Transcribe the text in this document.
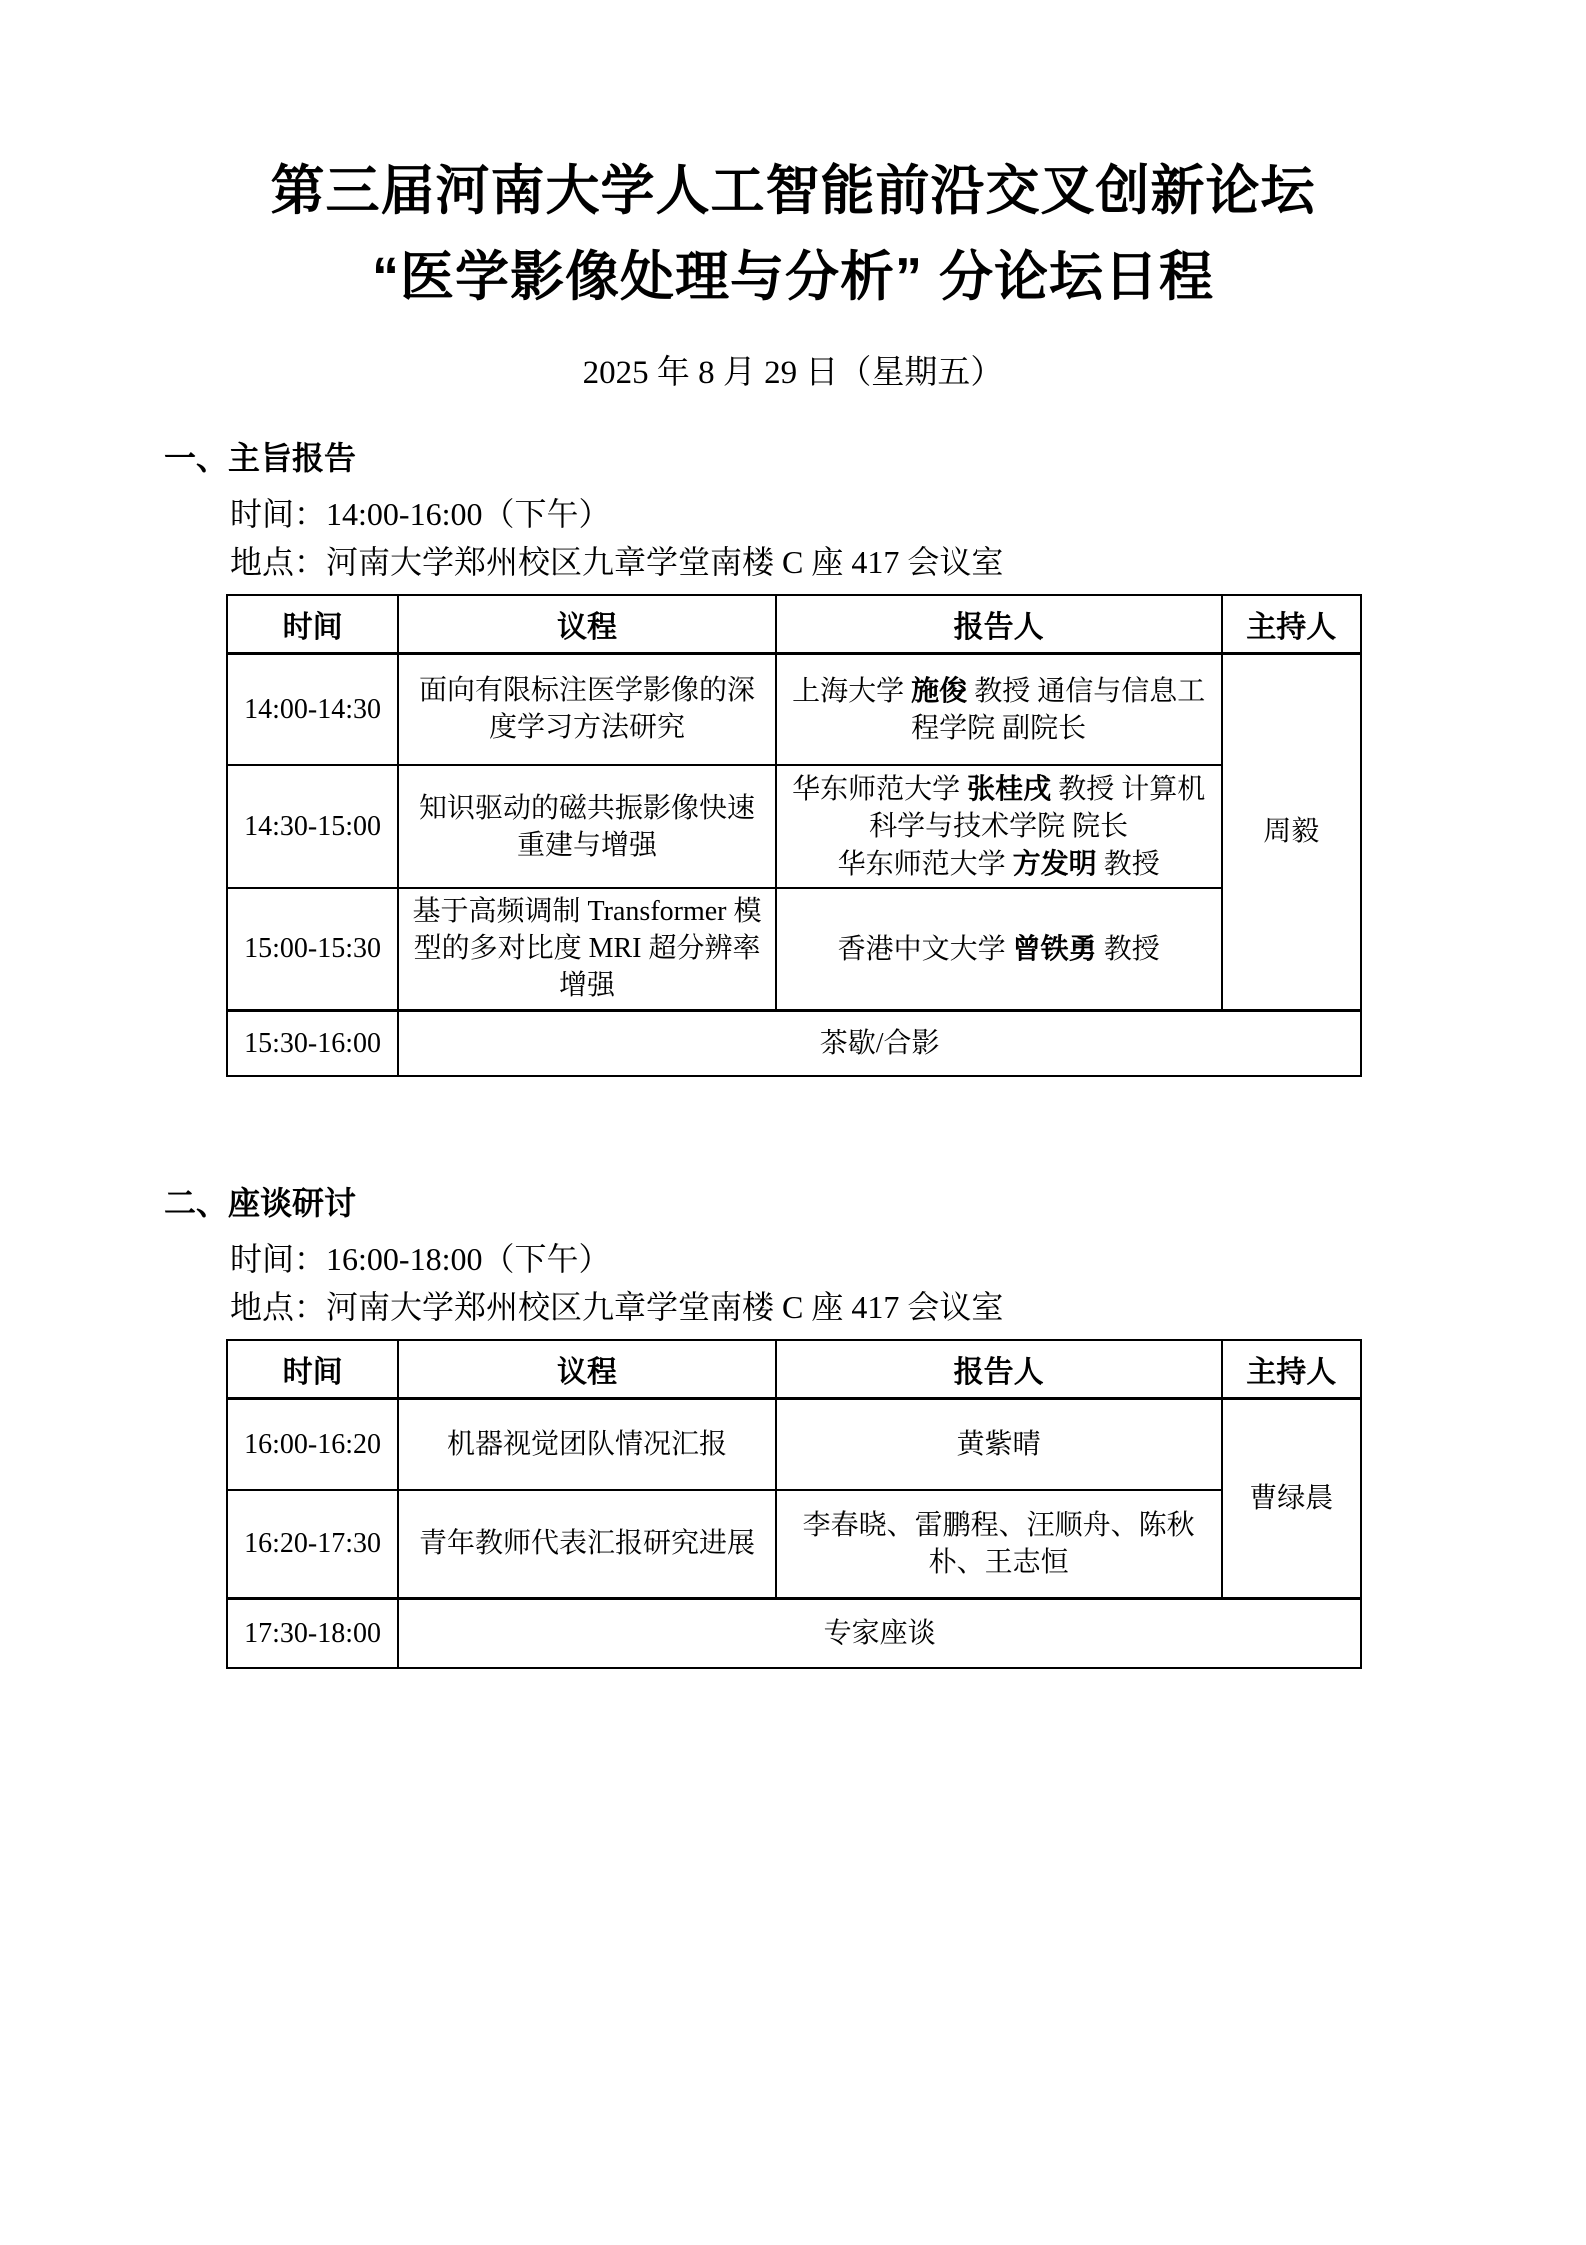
第三届河南大学人工智能前沿交叉创新论坛
“医学影像处理与分析” 分论坛日程
2025 年 8 月 29 日（星期五）
一、主旨报告
时间：14:00-16:00（下午）
地点：河南大学郑州校区九章学堂南楼 C 座 417 会议室
时间	议程	报告人	主持人
14:00-14:30	面向有限标注医学影像的深度学习方法研究	上海大学 施俊 教授 通信与信息工程学院 副院长	周毅
14:30-15:00	知识驱动的磁共振影像快速重建与增强	华东师范大学 张桂戌 教授 计算机科学与技术学院 院长
华东师范大学 方发明 教授	

15:00-15:30	基于高频调制 Transformer 模型的多对比度 MRI 超分辨率增强	香港中文大学 曾铁勇 教授	

15:30-16:00	茶歇/合影		
二、座谈研讨
时间：16:00-18:00（下午）
地点：河南大学郑州校区九章学堂南楼 C 座 417 会议室
时间	议程	报告人	主持人
16:00-16:20	机器视觉团队情况汇报	黄紫晴	曹绿晨
16:20-17:30	青年教师代表汇报研究进展	李春晓、雷鹏程、汪顺舟、陈秋朴、王志恒	
17:30-18:00	专家座谈		
